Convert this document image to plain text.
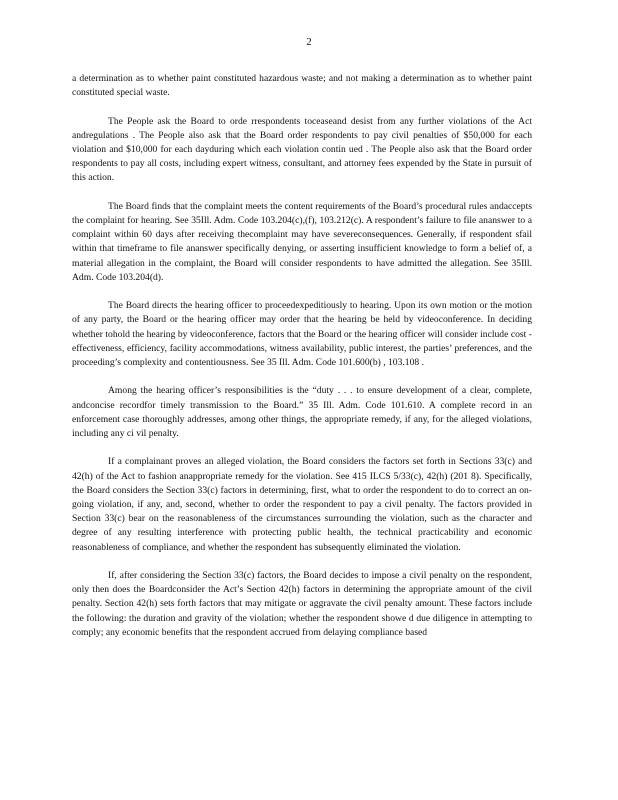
2

a determination as to whether paint constituted hazardous waste; and not making a determination as to whether paint constituted special waste.

The People ask the Board to orde rrespondents toceaseand desist from any further violations of the Act andregulations . The People also ask that the Board order respondents to pay civil penalties of $50,000 for each violation and $10,000 for each dayduring which each violation contin ued . The People also ask that the Board order respondents to pay all costs, including expert witness, consultant, and attorney fees expended by the State in pursuit of this action.

The Board finds that the complaint meets the content requirements of the Board’s procedural rules andaccepts the complaint for hearing. See 35Ill. Adm. Code 103.204(c),(f), 103.212(c). A respondent’s failure to file ananswer to a complaint within 60 days after receiving thecomplaint may have severeconsequences. Generally, if respondent sfail within that timeframe to file ananswer specifically denying, or asserting insufficient knowledge to form a belief of, a material allegation in the complaint, the Board will consider respondents to have admitted the allegation. See 35Ill. Adm. Code 103.204(d).

The Board directs the hearing officer to proceedexpeditiously to hearing. Upon its own motion or the motion of any party, the Board or the hearing officer may order that the hearing be held by videoconference. In deciding whether tohold the hearing by videoconference, factors that the Board or the hearing officer will consider include cost -effectiveness, efficiency, facility accommodations, witness availability, public interest, the parties’ preferences, and the proceeding’s complexity and contentiousness. See 35 Ill. Adm. Code 101.600(b) , 103.108 .

Among the hearing officer’s responsibilities is the “duty . . . to ensure development of a clear, complete, andconcise recordfor timely transmission to the Board.” 35 Ill. Adm. Code 101.610. A complete record in an enforcement case thoroughly addresses, among other things, the appropriate remedy, if any, for the alleged violations, including any ci vil penalty.

If a complainant proves an alleged violation, the Board considers the factors set forth in Sections 33(c) and 42(h) of the Act to fashion anappropriate remedy for the violation. See 415 ILCS 5/33(c), 42(h) (201 8). Specifically, the Board considers the Section 33(c) factors in determining, first, what to order the respondent to do to correct an on-going violation, if any, and, second, whether to order the respondent to pay a civil penalty. The factors provided in Section 33(c) bear on the reasonableness of the circumstances surrounding the violation, such as the character and degree of any resulting interference with protecting public health, the technical practicability and economic reasonableness of compliance, and whether the respondent has subsequently eliminated the violation.

If, after considering the Section 33(c) factors, the Board decides to impose a civil penalty on the respondent, only then does the Boardconsider the Act’s Section 42(h) factors in determining the appropriate amount of the civil penalty. Section 42(h) sets forth factors that may mitigate or aggravate the civil penalty amount. These factors include the following: the duration and gravity of the violation; whether the respondent showe d due diligence in attempting to comply; any economic benefits that the respondent accrued from delaying compliance based
